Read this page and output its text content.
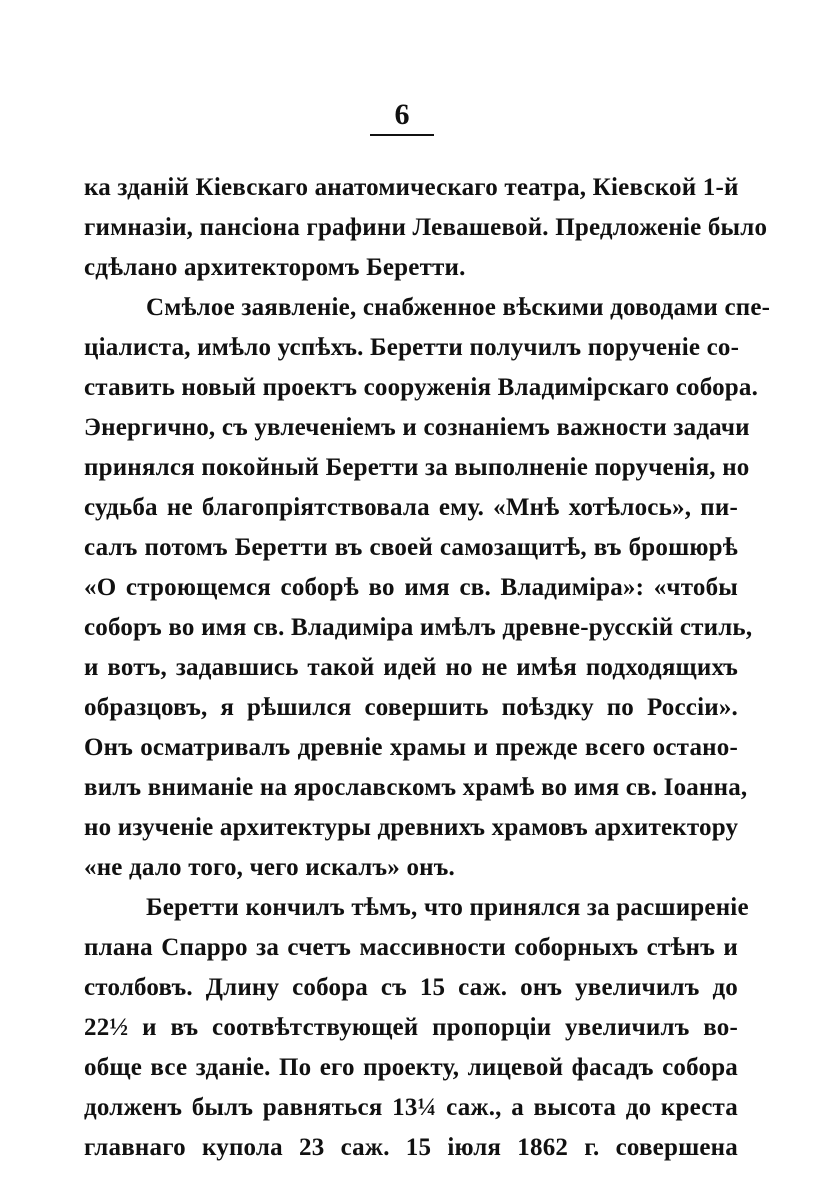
6
ка зданій Кіевскаго анатомическаго театра, Кіевской 1-й
гимназіи, пансіона графини Левашевой. Предложеніе было
сдѣлано архитекторомъ Беретти.
Смѣлое заявленіе, снабженное вѣскими доводами спе-
ціалиста, имѣло успѣхъ. Беретти получилъ порученіе со-
ставить новый проектъ сооруженія Владимірскаго собора.
Энергично, съ увлеченіемъ и сознаніемъ важности задачи
принялся покойный Беретти за выполненіе порученія, но
судьба не благопріятствовала ему. «Мнѣ хотѣлось», пи-
салъ потомъ Беретти въ своей самозащитѣ, въ брошюрѣ
«О строющемся соборѣ во имя св. Владиміра»: «чтобы
соборъ во имя св. Владиміра имѣлъ древне-русскій стиль,
и вотъ, задавшись такой идей но не имѣя подходящихъ
образцовъ, я рѣшился совершить поѣздку по Россіи».
Онъ осматривалъ древніе храмы и прежде всего остано-
вилъ вниманіе на ярославскомъ храмѣ во имя св. Іоанна,
но изученіе архитектуры древнихъ храмовъ архитектору
«не дало того, чего искалъ» онъ.
Беретти кончилъ тѣмъ, что принялся за расширеніе
плана Спарро за счетъ массивности соборныхъ стѣнъ и
столбовъ. Длину собора съ 15 саж. онъ увеличилъ до
22½ и въ соотвѣтствующей пропорціи увеличилъ во-
обще все зданіе. По его проекту, лицевой фасадъ собора
долженъ былъ равняться 13¼ саж., а высота до креста
главнаго купола 23 саж. 15 іюля 1862 г. совершена
